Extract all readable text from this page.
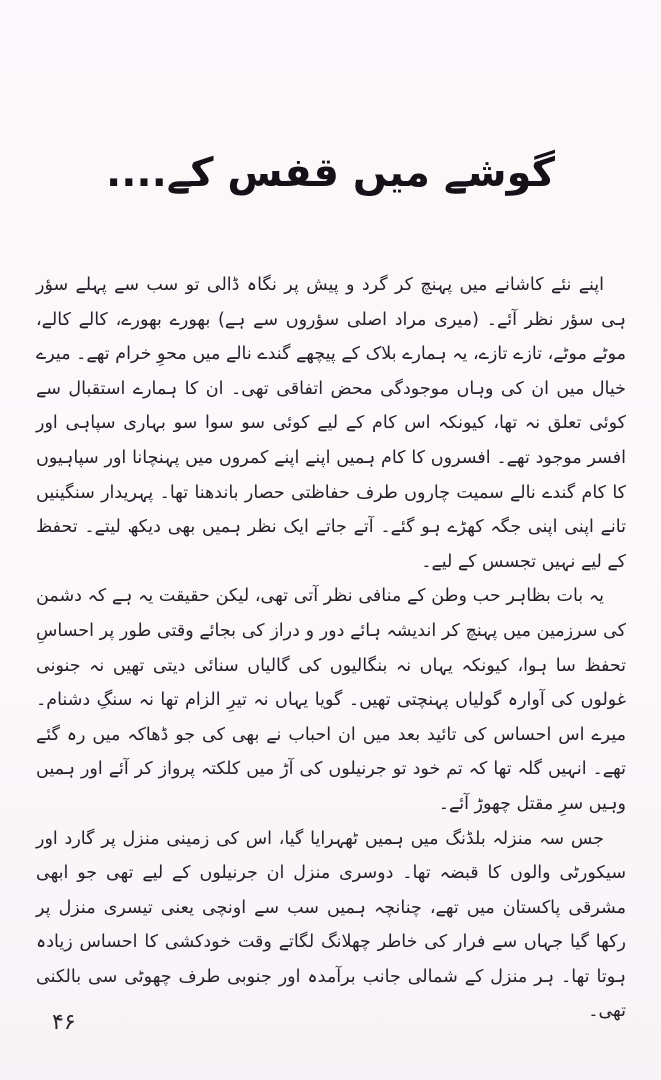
گوشے میں قفس کے....

اپنے نئے کاشانے میں پہنچ کر گرد و پیش پر نگاہ ڈالی تو سب سے پہلے سؤر ہی سؤر نظر آئے۔ (میری مراد اصلی سؤروں سے ہے) بھورے بھورے، کالے کالے، موٹے موٹے، تازے تازے، یہ ہمارے بلاک کے پیچھے گندے نالے میں محوِ خرام تھے۔ میرے خیال میں ان کی وہاں موجودگی محض اتفاقی تھی۔ ان کا ہمارے استقبال سے کوئی تعلق نہ تھا، کیونکہ اس کام کے لیے کوئی سو سوا سو بہاری سپاہی اور افسر موجود تھے۔ افسروں کا کام ہمیں اپنے اپنے کمروں میں پہنچانا اور سپاہیوں کا کام گندے نالے سمیت چاروں طرف حفاظتی حصار باندھنا تھا۔ پہریدار سنگینیں تانے اپنی اپنی جگہ کھڑے ہو گئے۔ آتے جاتے ایک نظر ہمیں بھی دیکھ لیتے۔ تحفظ کے لیے نہیں تجسس کے لیے۔

یہ بات بظاہر حب وطن کے منافی نظر آتی تھی، لیکن حقیقت یہ ہے کہ دشمن کی سرزمین میں پہنچ کر اندیشہ ہائے دور و دراز کی بجائے وقتی طور پر احساسِ تحفظ سا ہوا، کیونکہ یہاں نہ بنگالیوں کی گالیاں سنائی دیتی تھیں نہ جنونی غولوں کی آوارہ گولیاں پہنچتی تھیں۔ گویا یہاں نہ تیرِ الزام تھا نہ سنگِ دشنام۔ میرے اس احساس کی تائید بعد میں ان احباب نے بھی کی جو ڈھاکہ میں رہ گئے تھے۔ انہیں گلہ تھا کہ تم خود تو جرنیلوں کی آڑ میں کلکتہ پرواز کر آئے اور ہمیں وہیں سرِ مقتل چھوڑ آئے۔

جس سہ منزلہ بلڈنگ میں ہمیں ٹھہرایا گیا، اس کی زمینی منزل پر گارد اور سیکورٹی والوں کا قبضہ تھا۔ دوسری منزل ان جرنیلوں کے لیے تھی جو ابھی مشرقی پاکستان میں تھے، چنانچہ ہمیں سب سے اونچی یعنی تیسری منزل پر رکھا گیا جہاں سے فرار کی خاطر چھلانگ لگاتے وقت خودکشی کا احساس زیادہ ہوتا تھا۔ ہر منزل کے شمالی جانب برآمدہ اور جنوبی طرف چھوٹی سی بالکنی تھی۔

۴۶
